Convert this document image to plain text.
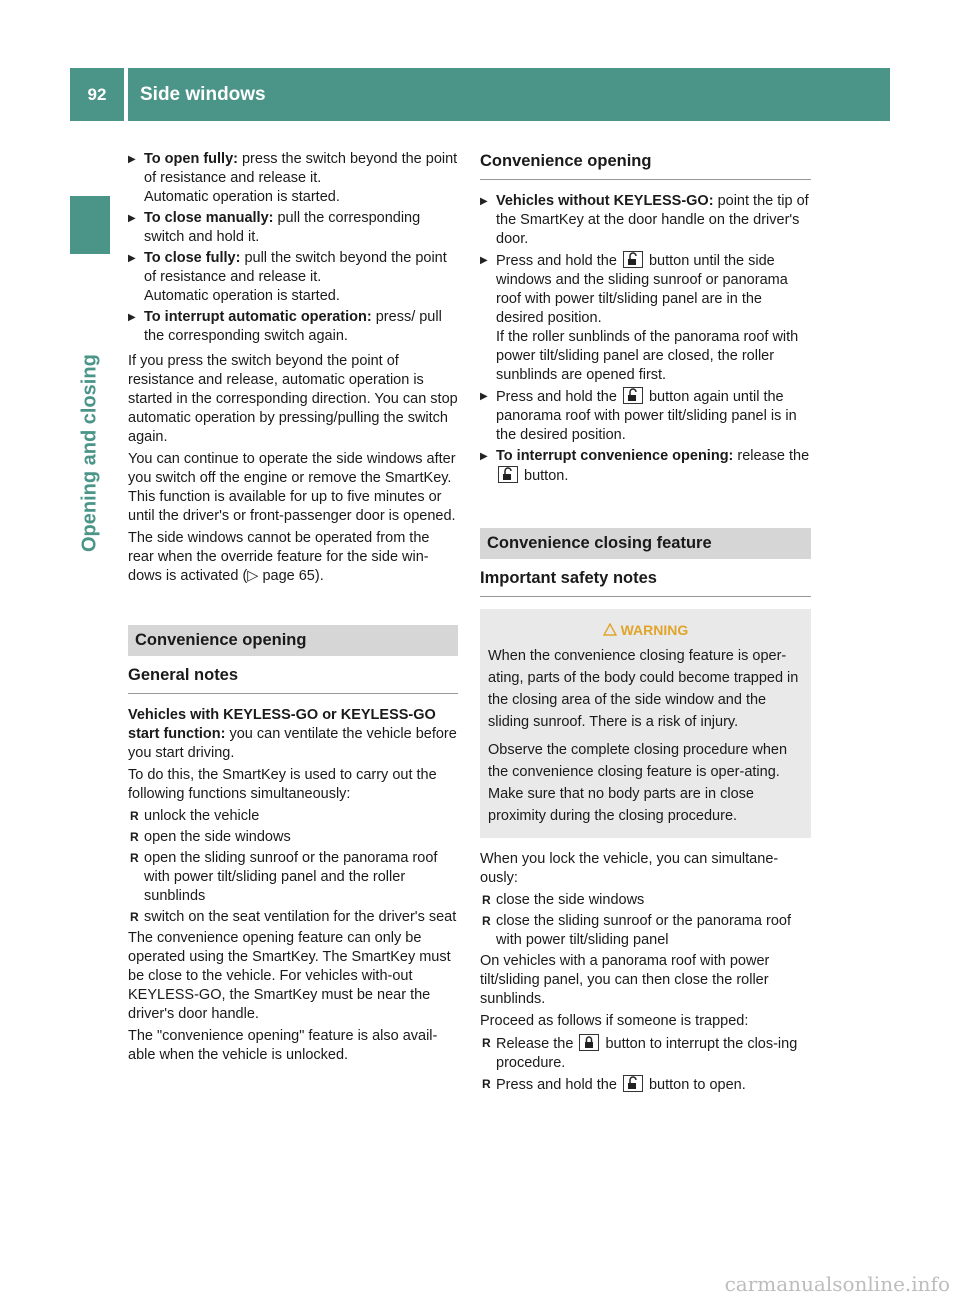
92	Side windows
Opening and closing
▶ To open fully: press the switch beyond the point of resistance and release it.
Automatic operation is started.
▶ To close manually: pull the corresponding switch and hold it.
▶ To close fully: pull the switch beyond the point of resistance and release it.
Automatic operation is started.
▶ To interrupt automatic operation: press/ pull the corresponding switch again.

If you press the switch beyond the point of resistance and release, automatic operation is started in the corresponding direction. You can stop automatic operation by pressing/pulling the switch again.

You can continue to operate the side windows after you switch off the engine or remove the SmartKey. This function is available for up to five minutes or until the driver's or front-passenger door is opened.

The side windows cannot be operated from the rear when the override feature for the side win-dows is activated (▷ page 65).

Convenience opening
General notes

Vehicles with KEYLESS-GO or KEYLESS-GO start function: you can ventilate the vehicle before you start driving.

To do this, the SmartKey is used to carry out the following functions simultaneously:

R unlock the vehicle
R open the side windows
R open the sliding sunroof or the panorama roof with power tilt/sliding panel and the roller sunblinds
R switch on the seat ventilation for the driver's seat

The convenience opening feature can only be operated using the SmartKey. The SmartKey must be close to the vehicle. For vehicles with-out KEYLESS-GO, the SmartKey must be near the driver's door handle.

The "convenience opening" feature is also avail-able when the vehicle is unlocked.

Convenience opening
▶ Vehicles without KEYLESS-GO: point the tip of the SmartKey at the door handle on the driver's door.
▶ Press and hold the
button until the side windows and the sliding sunroof or panorama roof with power tilt/sliding panel are in the desired position.
If the roller sunblinds of the panorama roof with power tilt/sliding panel are closed, the roller sunblinds are opened first.
▶ Press and hold the
button again until the panorama roof with power tilt/sliding panel is in the desired position.
▶ To interrupt convenience opening: release the
button.
Convenience closing feature
Important safety notes
WARNING

When the convenience closing feature is oper-ating, parts of the body could become trapped in the closing area of the side window and the sliding sunroof. There is a risk of injury.

Observe the complete closing procedure when the convenience closing feature is oper-ating. Make sure that no body parts are in close proximity during the closing procedure.

When you lock the vehicle, you can simultane-ously:

R close the side windows
R close the sliding sunroof or the panorama roof with power tilt/sliding panel

On vehicles with a panorama roof with power tilt/sliding panel, you can then close the roller sunblinds.

Proceed as follows if someone is trapped:

R Release the
button to interrupt the clos-ing procedure.
R Press and hold the
button to open.
carmanualsonline.info
